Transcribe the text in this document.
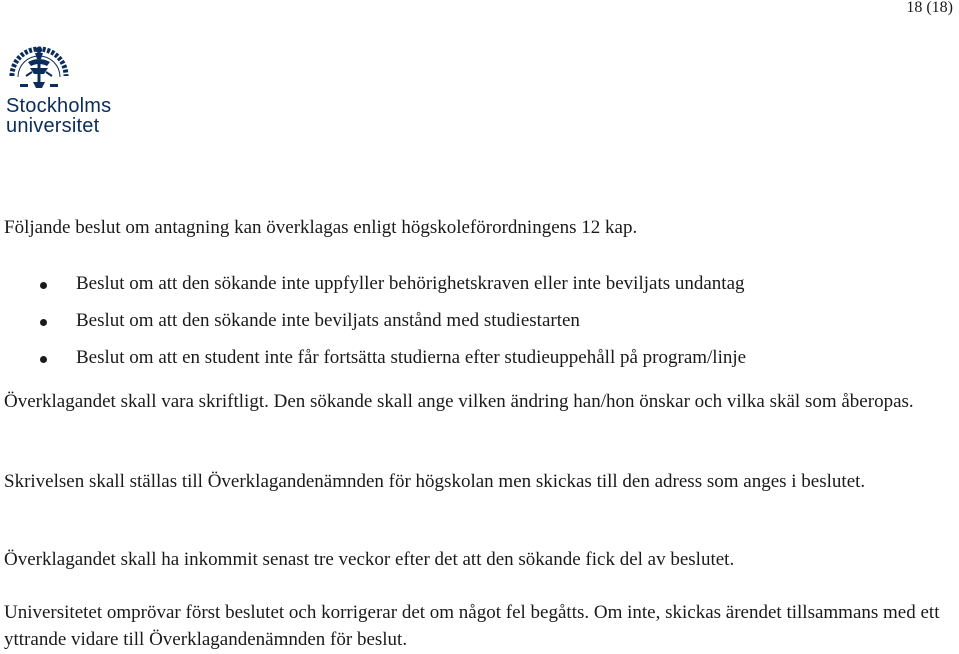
18 (18)
Stockholms
universitet

Följande beslut om antagning kan överklagas enligt högskoleförordningens 12 kap.

Beslut om att den sökande inte uppfyller behörighetskraven eller inte beviljats undantag
Beslut om att den sökande inte beviljats anstånd med studiestarten
Beslut om att en student inte får fortsätta studierna efter studieuppehåll på program/linje

Överklagandet skall vara skriftligt. Den sökande skall ange vilken ändring han/hon önskar och vilka skäl som åberopas.

Skrivelsen skall ställas till Överklagandenämnden för högskolan men skickas till den adress som anges i beslutet.

Överklagandet skall ha inkommit senast tre veckor efter det att den sökande fick del av beslutet.

Universitetet omprövar först beslutet och korrigerar det om något fel begåtts. Om inte, skickas ärendet tillsammans med ett yttrande vidare till Överklagandenämnden för beslut.
